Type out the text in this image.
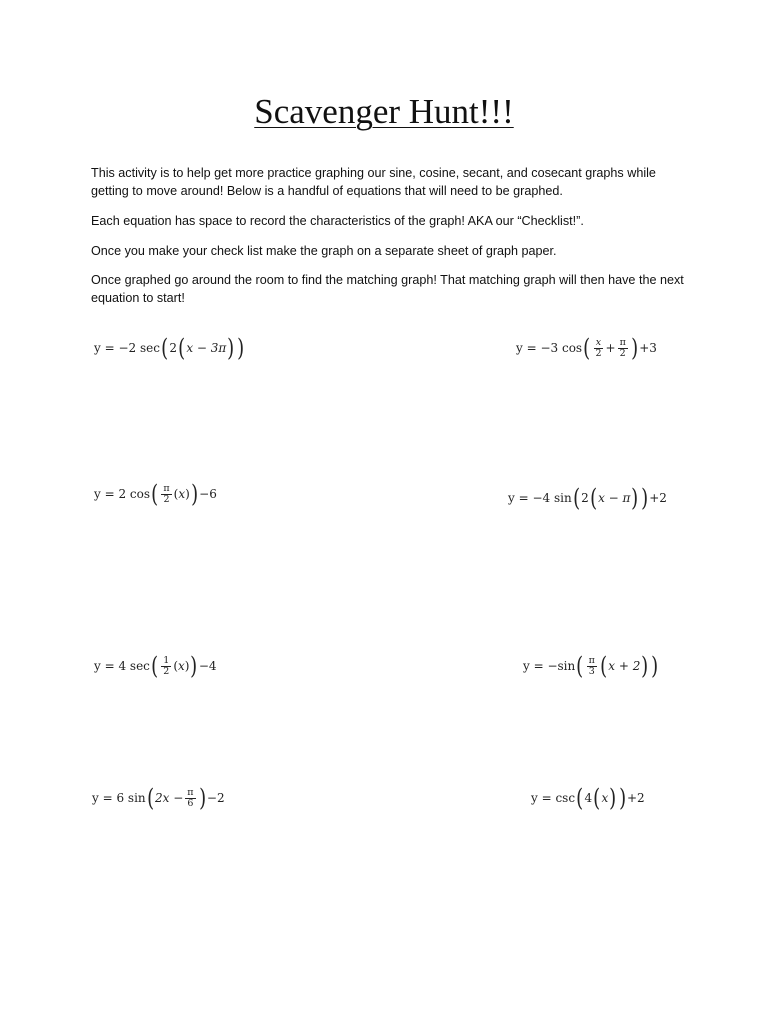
Scavenger Hunt!!!

This activity is to help get more practice graphing our sine, cosine, secant, and cosecant graphs while getting to move around! Below is a handful of equations that will need to be graphed.

Each equation has space to record the characteristics of the graph! AKA our “Checklist!”.

Once you make your check list make the graph on a separate sheet of graph paper.

Once graphed go around the room to find the matching graph! That matching graph will then have the next equation to start!

y = −2 sec ( 2 ( x − 3π ) )	y = −3 cos ( $\frac{x}{2} + \frac{\pi}{2}$ ) +3
y = 2 cos ( $\frac{\pi}{2}$ ( x ) ) −6	y = −4 sin ( 2 ( x − π ) ) +2
y = 4 sec ( $\frac{1}{2}$ ( x ) ) −4	y = −sin ( $\frac{\pi}{3}$ ( x + 2 ) )
y = 6 sin ( $2x - \frac{\pi}{6}$ ) −2	y = csc ( 4 ( x ) ) +2
